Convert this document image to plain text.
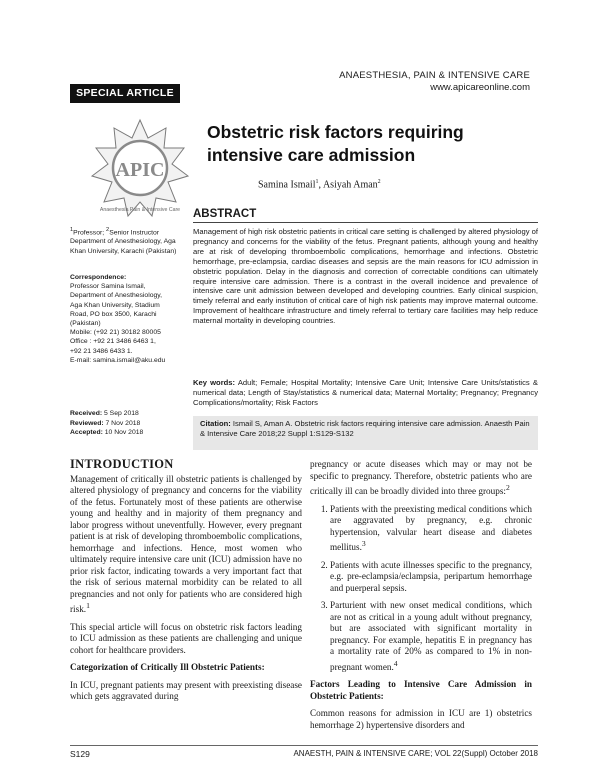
ANAESTHESIA, PAIN & INTENSIVE CARE
www.apicareonline.com
SPECIAL ARTICLE
APIC
Anaesthesia Pain & Intensive Care
Obstetric risk factors requiring intensive care admission
Samina Ismail$^1$, Asiyah Aman$^2$
ABSTRACT
Management of high risk obstetric patients in critical care setting is challenged by altered physiology of pregnancy and concerns for the viability of the fetus. Pregnant patients, although young and healthy are at risk of developing thromboembolic complications, hemorrhage and infections. Obstetric hemorrhage, pre-eclampsia, cardiac diseases and sepsis are the main reasons for ICU admission in obstetric population. Delay in the diagnosis and correction of correctable conditions can ultimately require intensive care admission. There is a contrast in the overall incidence and prevalence of intensive care unit admission between developed and developing countries. Early clinical suspicion, timely referral and early institution of critical care of high risk patients may improve maternal outcome. Improvement of healthcare infrastructure and timely referral to tertiary care facilities may help reduce maternal mortality in developing countries.
Key words: Adult; Female; Hospital Mortality; Intensive Care Unit; Intensive Care Units/statistics & numerical data; Length of Stay/statistics & numerical data; Maternal Mortality; Pregnancy; Pregnancy Complications/mortality; Risk Factors
Citation: Ismail S, Aman A. Obstetric risk factors requiring intensive care admission. Anaesth Pain & Intensive Care 2018;22 Suppl 1:S129-S132
$^1$Professor; $^2$Senior Instructor Department of Anesthesiology, Aga Khan University, Karachi (Pakistan)
Correspondence:
Professor Samina Ismail,
Department of Anesthesiology,
Aga Khan University, Stadium
Road, PO box 3500, Karachi
(Pakistan)
Mobile: (+92 21) 30182 80005
Office : +92 21 3486 6463 1,
+92 21 3486 6433 1.
E-mail: samina.ismail@aku.edu
Received: 5 Sep 2018
Reviewed: 7 Nov 2018
Accepted: 10 Nov 2018
INTRODUCTION

Management of critically ill obstetric patients is challenged by altered physiology of pregnancy and concerns for the viability of the fetus. Fortunately most of these patients are otherwise young and healthy and in majority of them pregnancy and labor progress without uneventfully. However, every pregnant patient is at risk of developing thromboembolic complications, hemorrhage and infections. Hence, most women who ultimately require intensive care unit (ICU) admission have no prior risk factor, indicating towards a very important fact that the risk of serious maternal morbidity can be related to all pregnancies and not only for patients who are considered high risk.$^1$

This special article will focus on obstetric risk factors leading to ICU admission as these patients are challenging and unique cohort for healthcare providers.

Categorization of Critically Ill Obstetric Patients:

In ICU, pregnant patients may present with preexisting disease which gets aggravated during

pregnancy or acute diseases which may or may not be specific to pregnancy. Therefore, obstetric patients who are critically ill can be broadly divided into three groups:$^2$

1. Patients with the preexisting medical conditions which are aggravated by pregnancy, e.g. chronic hypertension, valvular heart disease and diabetes mellitus.$^3$
2. Patients with acute illnesses specific to the pregnancy, e.g. pre-eclampsia/eclampsia, peripartum hemorrhage and puerperal sepsis.
3. Parturient with new onset medical conditions, which are not as critical in a young adult without pregnancy, but are associated with significant mortality in pregnancy. For example, hepatitis E in pregnancy has a mortality rate of 20% as compared to 1% in non-pregnant women.$^4$

Factors Leading to Intensive Care Admission in Obstetric Patients:

Common reasons for admission in ICU are 1) obstetrics hemorrhage 2) hypertensive disorders and

S129	ANAESTH, PAIN & INTENSIVE CARE; VOL 22(Suppl) October 2018
